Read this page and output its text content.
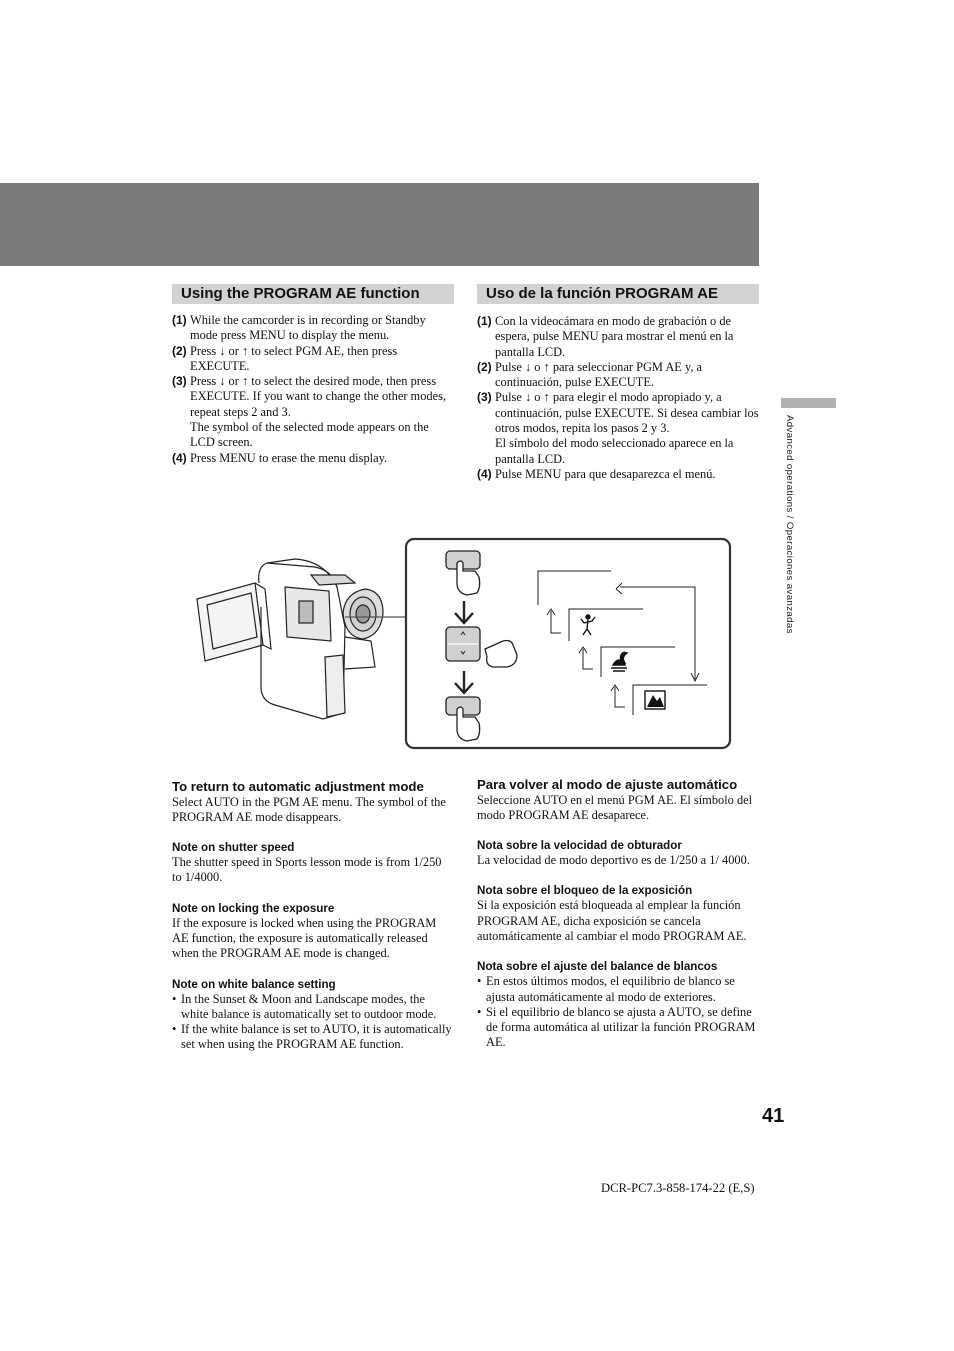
Using the PROGRAM AE function
(1) While the camcorder is in recording or Standby mode press MENU to display the menu.
(2) Press ↓ or ↑ to select PGM AE, then press EXECUTE.
(3) Press ↓ or ↑ to select the desired mode, then press EXECUTE. If you want to change the other modes, repeat steps 2 and 3.
The symbol of the selected mode appears on the LCD screen.
(4) Press MENU to erase the menu display.
Uso de la función PROGRAM AE
(1) Con la videocámara en modo de grabación o de espera, pulse MENU para mostrar el menú en la pantalla LCD.
(2) Pulse ↓ o ↑ para seleccionar PGM AE y, a continuación, pulse EXECUTE.
(3) Pulse ↓ o ↑ para elegir el modo apropiado y, a continuación, pulse EXECUTE. Si desea cambiar los otros modos, repita los pasos 2 y 3.
El símbolo del modo seleccionado aparece en la pantalla LCD.
(4) Pulse MENU para que desaparezca el menú.
To return to automatic adjustment mode

Select AUTO in the PGM AE menu. The symbol of the PROGRAM AE mode disappears.

Note on shutter speed

The shutter speed in Sports lesson mode is from 1/250 to 1/4000.

Note on locking the exposure

If the exposure is locked when using the PROGRAM AE function, the exposure is automatically released when the PROGRAM AE mode is changed.

Note on white balance setting
• In the Sunset & Moon and Landscape modes, the white balance is automatically set to outdoor mode.
• If the white balance is set to AUTO, it is automatically set when using the PROGRAM AE function.
Para volver al modo de ajuste automático

Seleccione AUTO en el menú PGM AE. El símbolo del modo PROGRAM AE desaparece.

Nota sobre la velocidad de obturador

La velocidad de modo deportivo es de 1/250 a 1/ 4000.

Nota sobre el bloqueo de la exposición

Si la exposición está bloqueada al emplear la función PROGRAM AE, dicha exposición se cancela automáticamente al cambiar el modo PROGRAM AE.

Nota sobre el ajuste del balance de blancos
• En estos últimos modos, el equilibrio de blanco se ajusta automáticamente al modo de exteriores.
• Si el equilibrio de blanco se ajusta a AUTO, se define de forma automática al utilizar la función PROGRAM AE.
Advanced operations / Operaciones avanzadas
41
DCR-PC7.3-858-174-22 (E,S)
